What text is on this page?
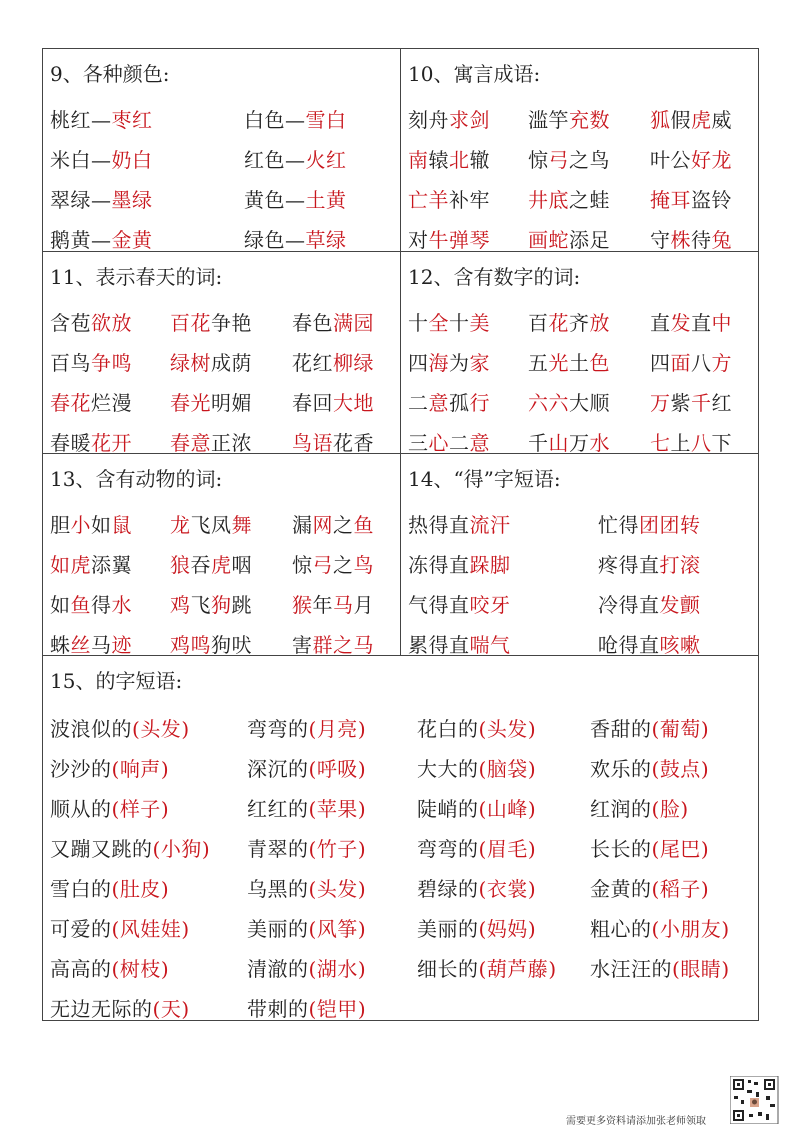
9、各种颜色:	10、寓言成语:
11、表示春天的词:	12、含有数字的词:
13、含有动物的词:	14、“得”字短语:
15、的字短语:
桃红—枣红	白色—雪白
米白—奶白	红色—火红
翠绿—墨绿	黄色—土黄
鹅黄—金黄	绿色—草绿
热得直流汗	忙得团团转
冻得直跺脚	疼得直打滚
气得直咬牙	冷得直发颤
累得直喘气	呛得直咳嗽
刻舟求剑 滥竽充数 狐假虎威
南辕北辙 惊弓之鸟 叶公好龙
亡羊补牢 井底之蛙 掩耳盗铃
对牛弹琴 画蛇添足 守株待兔
含苞欲放 百花争艳 春色满园
百鸟争鸣 绿树成荫 花红柳绿
春花烂漫 春光明媚 春回大地
春暖花开 春意正浓 鸟语花香
十全十美 百花齐放 直发直中
四海为家 五光土色 四面八方
二意孤行 六六大顺 万紫千红
三心二意 千山万水 七上八下
胆小如鼠 龙飞凤舞 漏网之鱼
如虎添翼 狼吞虎咽 惊弓之鸟
如鱼得水 鸡飞狗跳 猴年马月
蛛丝马迹 鸡鸣狗吠 害群之马
波浪似的(头发)	弯弯的(月亮)	花白的(头发)	香甜的(葡萄)
沙沙的(响声)	深沉的(呼吸)	大大的(脑袋)	欢乐的(鼓点)
顺从的(样子)	红红的(苹果)	陡峭的(山峰)	红润的(脸)
又蹦又跳的(小狗) 青翠的(竹子)	弯弯的(眉毛)	长长的(尾巴)
雪白的(肚皮)	乌黑的(头发)	碧绿的(衣裳)	金黄的(稻子)
可爱的(风娃娃)	美丽的(风筝)	美丽的(妈妈)	粗心的(小朋友)
高高的(树枝)	清澈的(湖水)	细长的(葫芦藤) 水汪汪的(眼睛)
无边无际的(天)	带刺的(铠甲)
需要更多资料请添加张老师领取
